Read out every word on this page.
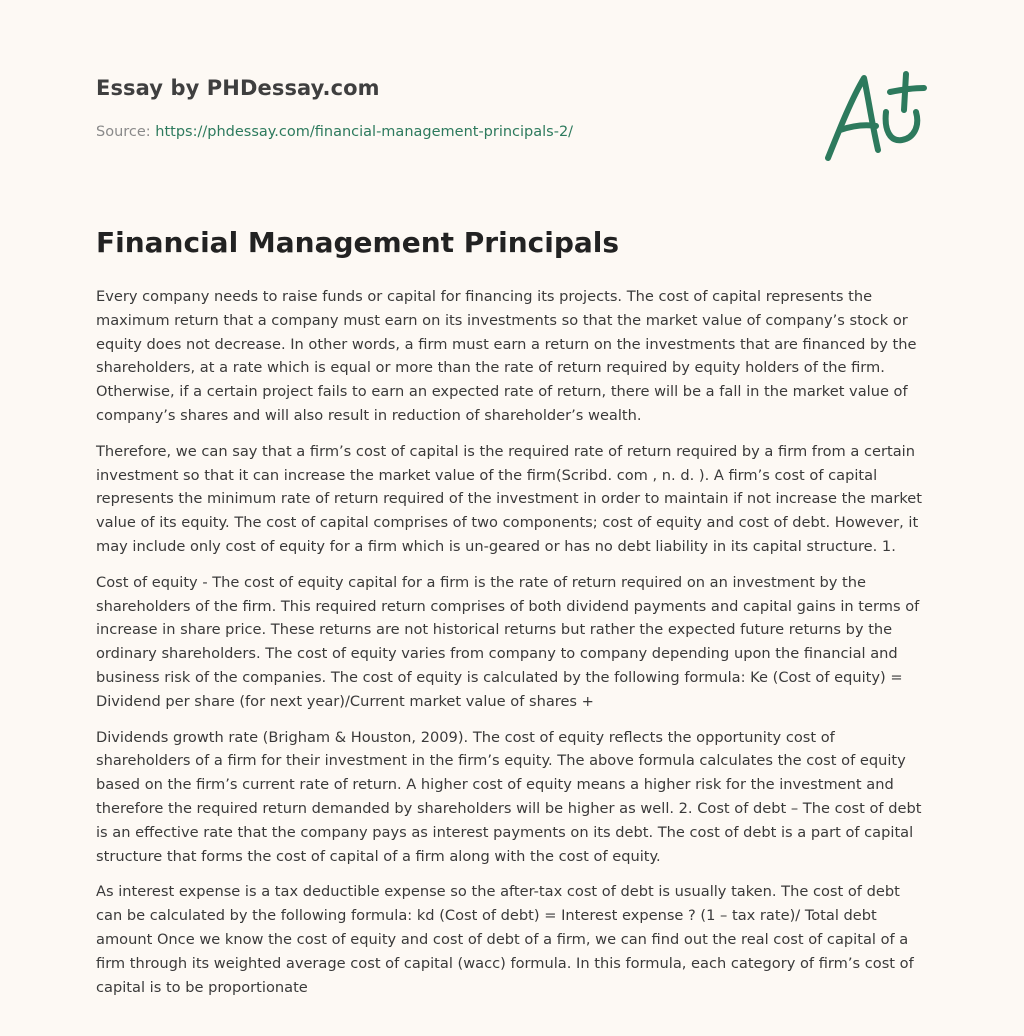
Essay by PHDessay.com
Source: https://phdessay.com/financial-management-principals-2/
Financial Management Principals

Every company needs to raise funds or capital for financing its projects. The cost of capital represents the maximum return that a company must earn on its investments so that the market value of company’s stock or equity does not decrease. In other words, a firm must earn a return on the investments that are financed by the shareholders, at a rate which is equal or more than the rate of return required by equity holders of the firm. Otherwise, if a certain project fails to earn an expected rate of return, there will be a fall in the market value of company’s shares and will also result in reduction of shareholder’s wealth.

Therefore, we can say that a firm’s cost of capital is the required rate of return required by a firm from a certain investment so that it can increase the market value of the firm(Scribd. com , n. d. ). A firm’s cost of capital represents the minimum rate of return required of the investment in order to maintain if not increase the market value of its equity. The cost of capital comprises of two components; cost of equity and cost of debt. However, it may include only cost of equity for a firm which is un-geared or has no debt liability in its capital structure. 1.

Cost of equity - The cost of equity capital for a firm is the rate of return required on an investment by the shareholders of the firm. This required return comprises of both dividend payments and capital gains in terms of increase in share price. These returns are not historical returns but rather the expected future returns by the ordinary shareholders. The cost of equity varies from company to company depending upon the financial and business risk of the companies. The cost of equity is calculated by the following formula: Ke (Cost of equity) = Dividend per share (for next year)/Current market value of shares +

Dividends growth rate (Brigham & Houston, 2009). The cost of equity reflects the opportunity cost of shareholders of a firm for their investment in the firm’s equity. The above formula calculates the cost of equity based on the firm’s current rate of return. A higher cost of equity means a higher risk for the investment and therefore the required return demanded by shareholders will be higher as well. 2. Cost of debt – The cost of debt is an effective rate that the company pays as interest payments on its debt. The cost of debt is a part of capital structure that forms the cost of capital of a firm along with the cost of equity.

As interest expense is a tax deductible expense so the after-tax cost of debt is usually taken. The cost of debt can be calculated by the following formula: kd (Cost of debt) = Interest expense ? (1 – tax rate)/ Total debt amount Once we know the cost of equity and cost of debt of a firm, we can find out the real cost of capital of a firm through its weighted average cost of capital (wacc) formula. In this formula, each category of firm’s cost of capital is to be proportionate
